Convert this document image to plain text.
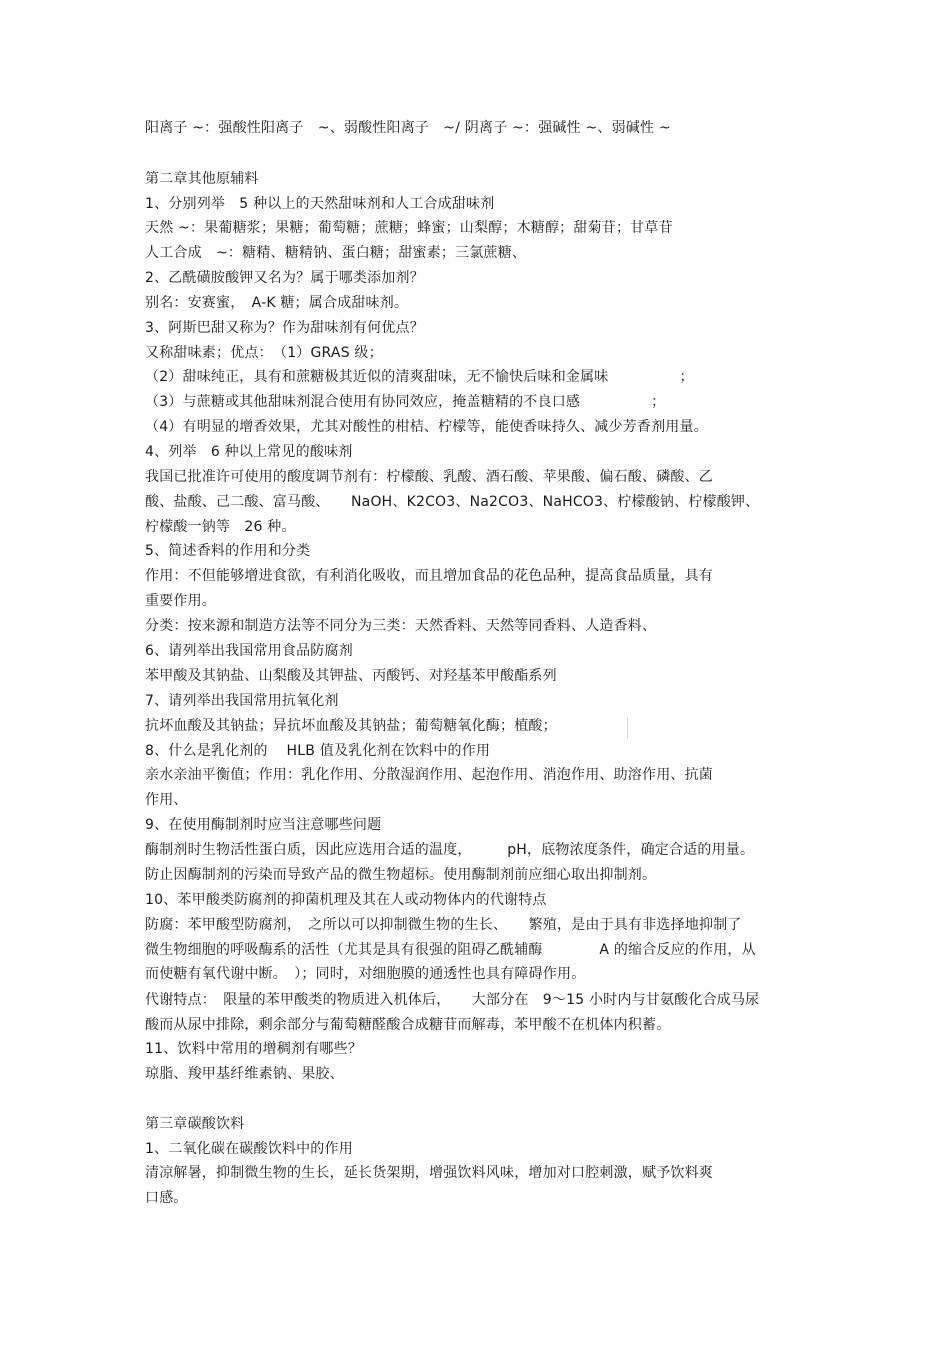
阳离子 ~：强酸性阳离子　~、弱酸性阳离子　~/ 阴离子 ~：强碱性 ~、弱碱性 ~
第二章其他原辅料
1、分别列举　5 种以上的天然甜味剂和人工合成甜味剂
天然 ~：果葡糖浆；果糖；葡萄糖；蔗糖；蜂蜜；山梨醇；木糖醇；甜菊苷；甘草苷
人工合成　~：糖精、糖精钠、蛋白糖；甜蜜素；三氯蔗糖、
2、乙酰磺胺酸钾又名为？属于哪类添加剂？
别名：安赛蜜，　A-K 糖；属合成甜味剂。
3、阿斯巴甜又称为？作为甜味剂有何优点？
又称甜味素；优点：　（1）GRAS 级；
（2）甜味纯正，具有和蔗糖极其近似的清爽甜味，无不愉快后味和金属味　　　　　；
（3）与蔗糖或其他甜味剂混合使用有协同效应，掩盖糖精的不良口感　　　　　；
（4）有明显的增香效果，尤其对酸性的柑桔、柠檬等，能使香味持久、减少芳香剂用量。
4、列举　6 种以上常见的酸味剂
我国已批准许可使用的酸度调节剂有：柠檬酸、乳酸、酒石酸、苹果酸、偏石酸、磷酸、乙
酸、盐酸、己二酸、富马酸、　　NaOH、K2CO3、Na2CO3、NaHCO3、柠檬酸钠、柠檬酸钾、
柠檬酸一钠等　26 种。
5、简述香料的作用和分类
作用：不但能够增进食欲，有利消化吸收，而且增加食品的花色品种，提高食品质量，具有
重要作用。
分类：按来源和制造方法等不同分为三类：天然香料、天然等同香料、人造香料、
6、请列举出我国常用食品防腐剂
苯甲酸及其钠盐、山梨酸及其钾盐、丙酸钙、对羟基苯甲酸酯系列
7、请列举出我国常用抗氧化剂
抗坏血酸及其钠盐；异抗坏血酸及其钠盐；葡萄糖氧化酶；植酸；
8、什么是乳化剂的　 HLB 值及乳化剂在饮料中的作用
亲水亲油平衡值；作用：乳化作用、分散湿润作用、起泡作用、消泡作用、助溶作用、抗菌
作用、
9、在使用酶制剂时应当注意哪些问题
酶制剂时生物活性蛋白质，因此应选用合适的温度，　　　pH，底物浓度条件，确定合适的用量。
防止因酶制剂的污染而导致产品的微生物超标。使用酶制剂前应细心取出抑制剂。
10、苯甲酸类防腐剂的抑菌机理及其在人或动物体内的代谢特点
防腐：苯甲酸型防腐剂，　之所以可以抑制微生物的生长、　　繁殖，是由于具有非选择地抑制了
微生物细胞的呼吸酶系的活性（尤其是具有很强的阻碍乙酰辅酶　　　　A 的缩合反应的作用，从
而使糖有氧代谢中断。　）；同时，对细胞膜的通透性也具有障碍作用。
代谢特点：　限量的苯甲酸类的物质进入机体后，　　大部分在　9～15 小时内与甘氨酸化合成马尿
酸而从尿中排除，剩余部分与葡萄糖醛酸合成糖苷而解毒，苯甲酸不在机体内积蓄。
11、饮料中常用的增稠剂有哪些？
琼脂、羧甲基纤维素钠、果胶、
第三章碳酸饮料
1、二氧化碳在碳酸饮料中的作用
清凉解暑，抑制微生物的生长，延长货架期，增强饮料风味，增加对口腔刺激，赋予饮料爽
口感。
